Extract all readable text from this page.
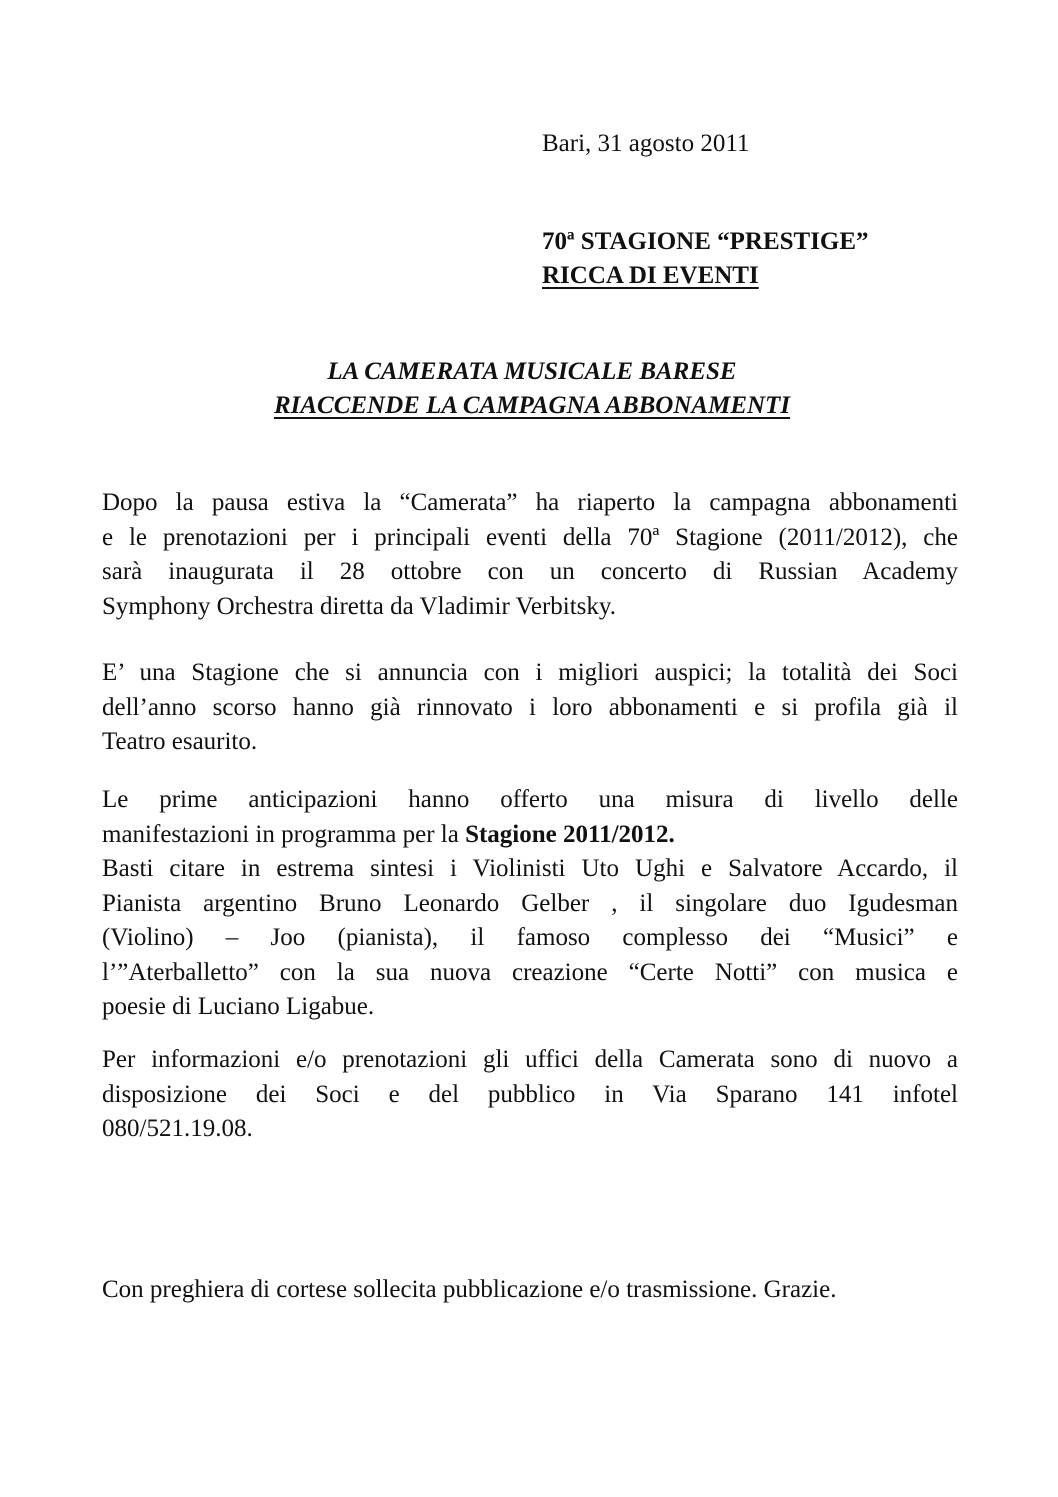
Bari, 31 agosto 2011
70ª STAGIONE “PRESTIGE”
RICCA DI EVENTI
LA CAMERATA MUSICALE BARESE
RIACCENDE LA CAMPAGNA ABBONAMENTI
Dopo la pausa estiva la “Camerata” ha riaperto la campagna abbonamenti
e le prenotazioni per i principali eventi della 70ª Stagione (2011/2012), che
sarà inaugurata il 28 ottobre con un concerto di Russian Academy
Symphony Orchestra diretta da Vladimir Verbitsky.
E’ una Stagione che si annuncia con i migliori auspici; la totalità dei Soci
dell’anno scorso hanno già rinnovato i loro abbonamenti e si profila già il
Teatro esaurito.
Le prime anticipazioni hanno offerto una misura di livello delle
manifestazioni in programma per la Stagione 2011/2012.
Basti citare in estrema sintesi i Violinisti Uto Ughi e Salvatore Accardo, il
Pianista argentino Bruno Leonardo Gelber , il singolare duo Igudesman
(Violino) – Joo (pianista), il famoso complesso dei “Musici” e
l’”Aterballetto” con la sua nuova creazione “Certe Notti” con musica e
poesie di Luciano Ligabue.
Per informazioni e/o prenotazioni gli uffici della Camerata sono di nuovo a
disposizione dei Soci e del pubblico in Via Sparano 141 infotel
080/521.19.08.
Con preghiera di cortese sollecita pubblicazione e/o trasmissione. Grazie.
